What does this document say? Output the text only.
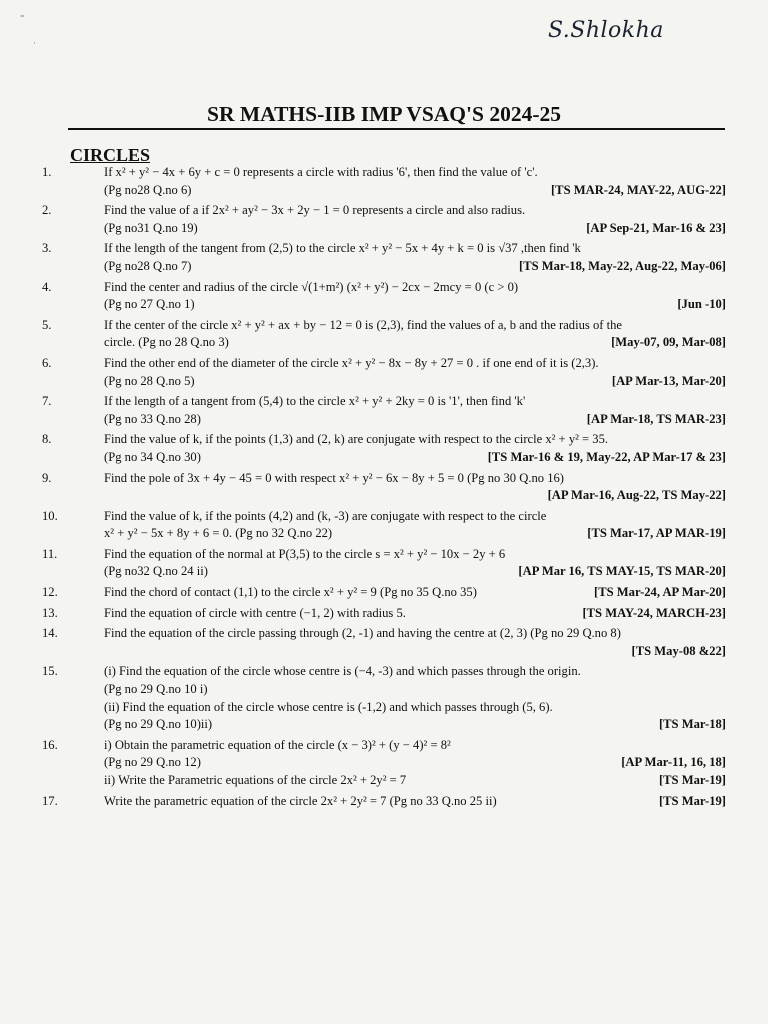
S.Shlokha
⁼
·
SR MATHS-IIB IMP VSAQ'S 2024-25
CIRCLES
1.	If x² + y² − 4x + 6y + c = 0 represents a circle with radius '6', then find the value of 'c'.
(Pg no28 Q.no 6)	[TS MAR-24, MAY-22, AUG-22]
2.	Find the value of a if 2x² + ay² − 3x + 2y − 1 = 0 represents a circle and also radius.
(Pg no31 Q.no 19)	[AP Sep-21, Mar-16 & 23]
3.	If the length of the tangent from (2,5) to the circle x² + y² − 5x + 4y + k = 0 is √37 ,then find 'k
(Pg no28 Q.no 7)	[TS Mar-18, May-22, Aug-22, May-06]
4.	Find the center and radius of the circle √(1+m²) (x² + y²) − 2cx − 2mcy = 0 (c > 0)
(Pg no 27 Q.no 1)	[Jun -10]
5.	If the center of the circle x² + y² + ax + by − 12 = 0 is (2,3), find the values of a, b and the radius of the
circle. (Pg no 28 Q.no 3)	[May-07, 09, Mar-08]
6.	Find the other end of the diameter of the circle x² + y² − 8x − 8y + 27 = 0 . if one end of it is (2,3).
(Pg no 28 Q.no 5)	[AP Mar-13, Mar-20]
7.	If the length of a tangent from (5,4) to the circle x² + y² + 2ky = 0 is '1', then find 'k'
(Pg no 33 Q.no 28)	[AP Mar-18, TS MAR-23]
8.	Find the value of k, if the points (1,3) and (2, k) are conjugate with respect to the circle x² + y² = 35.
(Pg no 34 Q.no 30)	[TS Mar-16 & 19, May-22, AP Mar-17 & 23]
9.	Find the pole of 3x + 4y − 45 = 0 with respect x² + y² − 6x − 8y + 5 = 0 (Pg no 30 Q.no 16)
[AP Mar-16, Aug-22, TS May-22]
10.	Find the value of k, if the points (4,2) and (k, -3) are conjugate with respect to the circle
x² + y² − 5x + 8y + 6 = 0. (Pg no 32 Q.no 22)	[TS Mar-17, AP MAR-19]
11.	Find the equation of the normal at P(3,5) to the circle s = x² + y² − 10x − 2y + 6
(Pg no32 Q.no 24 ii)	[AP Mar 16, TS MAY-15, TS MAR-20]
12.	Find the chord of contact (1,1) to the circle x² + y² = 9 (Pg no 35 Q.no 35)	[TS Mar-24, AP Mar-20]
13.	Find the equation of circle with centre (−1, 2) with radius 5.	[TS MAY-24, MARCH-23]
14.	Find the equation of the circle passing through (2, -1) and having the centre at (2, 3) (Pg no 29 Q.no 8)
[TS May-08 &22]
15.	(i) Find the equation of the circle whose centre is (−4, -3) and which passes through the origin.
(Pg no 29 Q.no 10 i)
(ii) Find the equation of the circle whose centre is (-1,2) and which passes through (5, 6).
(Pg no 29 Q.no 10)ii)	[TS Mar-18]
16.	i) Obtain the parametric equation of the circle (x − 3)² + (y − 4)² = 8²
(Pg no 29 Q.no 12)	[AP Mar-11, 16, 18]
ii) Write the Parametric equations of the circle 2x² + 2y² = 7	[TS Mar-19]
17.	Write the parametric equation of the circle 2x² + 2y² = 7 (Pg no 33 Q.no 25 ii)	[TS Mar-19]
